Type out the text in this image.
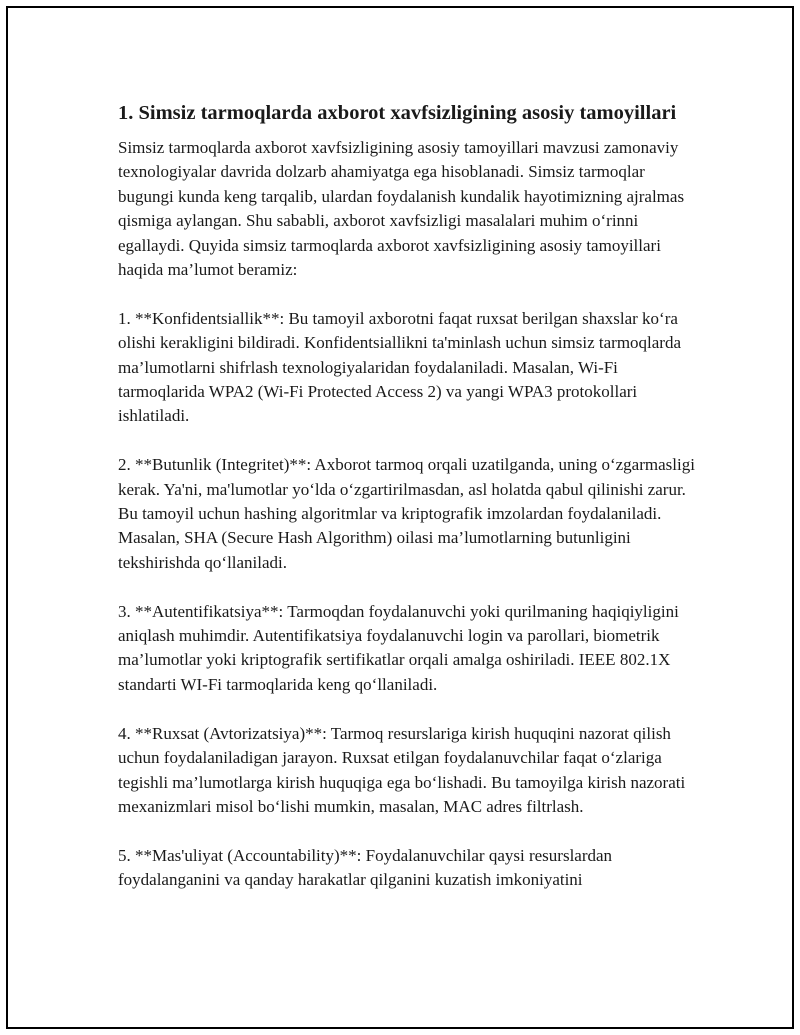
1. Simsiz tarmoqlarda axborot xavfsizligining asosiy tamoyillari

Simsiz tarmoqlarda axborot xavfsizligining asosiy tamoyillari mavzusi zamonaviy texnologiyalar davrida dolzarb ahamiyatga ega hisoblanadi. Simsiz tarmoqlar bugungi kunda keng tarqalib, ulardan foydalanish kundalik hayotimizning ajralmas qismiga aylangan. Shu sababli, axborot xavfsizligi masalalari muhim o‘rinni egallaydi. Quyida simsiz tarmoqlarda axborot xavfsizligining asosiy tamoyillari haqida ma’lumot beramiz:

1. **Konfidentsiallik**: Bu tamoyil axborotni faqat ruxsat berilgan shaxslar ko‘ra olishi kerakligini bildiradi. Konfidentsiallikni ta'minlash uchun simsiz tarmoqlarda ma’lumotlarni shifrlash texnologiyalaridan foydalaniladi. Masalan, Wi-Fi tarmoqlarida WPA2 (Wi-Fi Protected Access 2) va yangi WPA3 protokollari ishlatiladi.

2. **Butunlik (Integritet)**: Axborot tarmoq orqali uzatilganda, uning o‘zgarmasligi kerak. Ya'ni, ma'lumotlar yo‘lda o‘zgartirilmasdan, asl holatda qabul qilinishi zarur. Bu tamoyil uchun hashing algoritmlar va kriptografik imzolardan foydalaniladi. Masalan, SHA (Secure Hash Algorithm) oilasi ma’lumotlarning butunligini tekshirishda qo‘llaniladi.

3. **Autentifikatsiya**: Tarmoqdan foydalanuvchi yoki qurilmaning haqiqiyligini aniqlash muhimdir. Autentifikatsiya foydalanuvchi login va parollari, biometrik ma’lumotlar yoki kriptografik sertifikatlar orqali amalga oshiriladi. IEEE 802.1X standarti WI-Fi tarmoqlarida keng qo‘llaniladi.

4. **Ruxsat (Avtorizatsiya)**: Tarmoq resurslariga kirish huquqini nazorat qilish uchun foydalaniladigan jarayon. Ruxsat etilgan foydalanuvchilar faqat o‘zlariga tegishli ma’lumotlarga kirish huquqiga ega bo‘lishadi. Bu tamoyilga kirish nazorati mexanizmlari misol bo‘lishi mumkin, masalan, MAC adres filtrlash.

5. **Mas'uliyat (Accountability)**: Foydalanuvchilar qaysi resurslardan foydalanganini va qanday harakatlar qilganini kuzatish imkoniyatini
